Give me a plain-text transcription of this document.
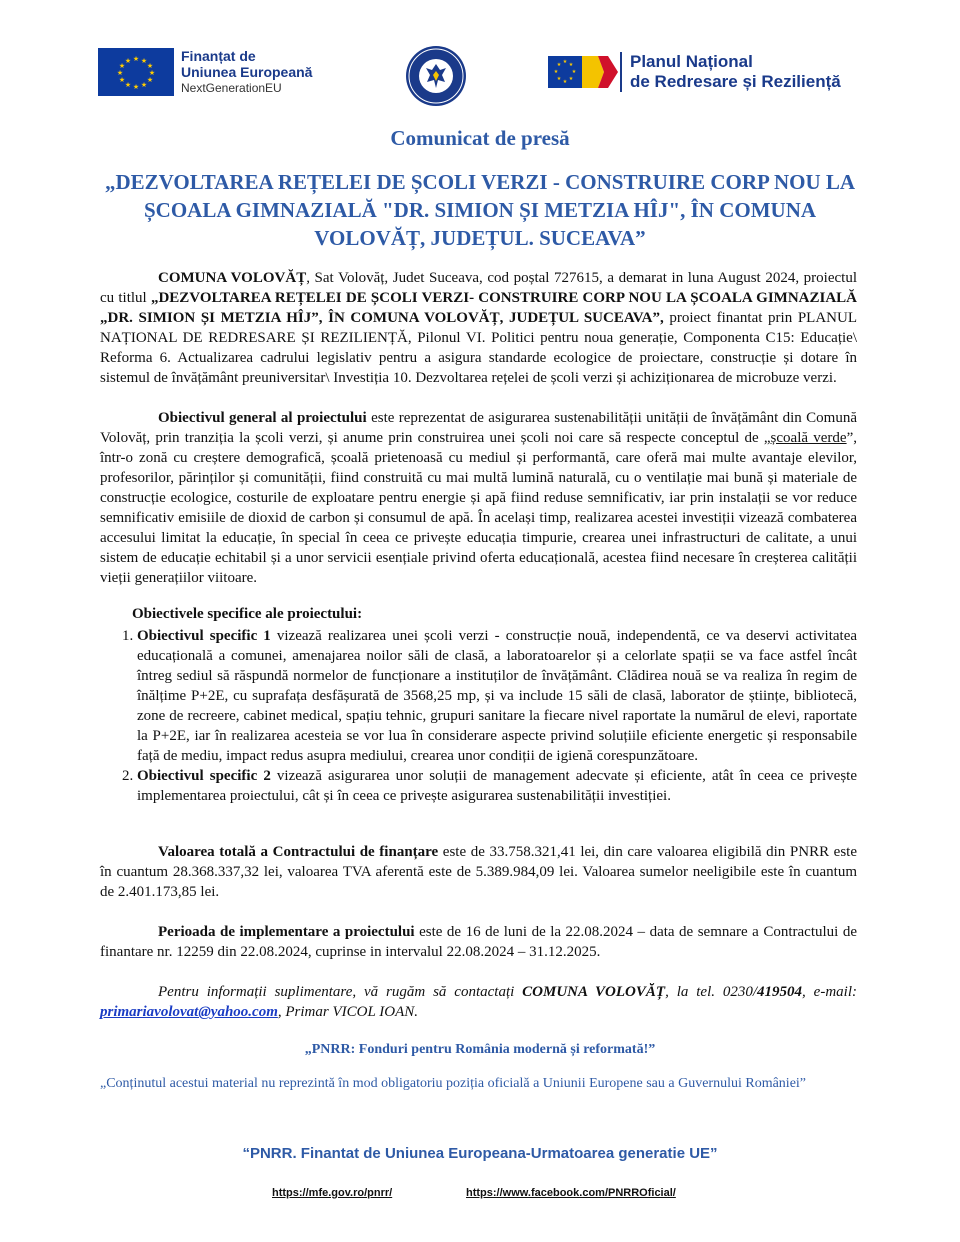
★ ★
★
★
★
★
★
★
★
★
★
★	Finanțat de
Uniunea Europeană
NextGenerationEU
★ ★
★
★
★
★
★
★	Planul Național
de Redresare și Reziliență
Comunicat de presă
„DEZVOLTAREA REȚELEI DE ȘCOLI VERZI - CONSTRUIRE CORP NOU LA ȘCOALA GIMNAZIALĂ "DR. SIMION ȘI METZIA HÎJ", ÎN COMUNA VOLOVĂȚ, JUDEȚUL. SUCEAVA”
COMUNA VOLOVĂȚ, Sat Volovăț, Judet Suceava, cod poștal 727615, a demarat in luna August 2024, proiectul cu titlul „DEZVOLTAREA REȚELEI DE ȘCOLI VERZI- CONSTRUIRE CORP NOU LA ȘCOALA GIMNAZIALĂ „DR. SIMION ȘI METZIA HÎJ”, ÎN COMUNA VOLOVĂȚ, JUDEȚUL SUCEAVA”, proiect finantat prin PLANUL NAȚIONAL DE REDRESARE ȘI REZILIENȚĂ, Pilonul VI. Politici pentru noua generație, Componenta C15: Educație\ Reforma 6. Actualizarea cadrului legislativ pentru a asigura standarde ecologice de proiectare, construcție și dotare în sistemul de învățământ preuniversitar\ Investiția 10. Dezvoltarea rețelei de școli verzi și achiziționarea de microbuze verzi.
Obiectivul general al proiectului este reprezentat de asigurarea sustenabilității unității de învățământ din Comună Volovăț, prin tranziția la școli verzi, și anume prin construirea unei școli noi care să respecte conceptul de „școală verde”, într-o zonă cu creștere demografică, școală prietenoasă cu mediul și performantă, care oferă mai multe avantaje elevilor, profesorilor, părinților și comunității, fiind construită cu mai multă lumină naturală, cu o ventilație mai bună și materiale de construcție ecologice, costurile de exploatare pentru energie și apă fiind reduse semnificativ, iar prin instalații se vor reduce semnificativ emisiile de dioxid de carbon și consumul de apă. În același timp, realizarea acestei investiții vizează combaterea accesului limitat la educație, în special în ceea ce privește educația timpurie, crearea unei infrastructuri de calitate, a unui sistem de educație echitabil și a unor servicii esențiale privind oferta educațională, acestea fiind necesare în creșterea calității vieții generațiilor viitoare.
Obiectivele specifice ale proiectului:
1. Obiectivul specific 1 vizează realizarea unei școli verzi - construcție nouă, independentă, ce va deservi activitatea educațională a comunei, amenajarea noilor săli de clasă, a laboratoarelor și a celorlate spații se va face astfel încât întreg sediul să răspundă normelor de funcționare a instituților de învățământ. Clădirea nouă se va realiza în regim de înălțime P+2E, cu suprafața desfășurată de 3568,25 mp, și va include 15 săli de clasă, laborator de științe, bibliotecă, zone de recreere, cabinet medical, spațiu tehnic, grupuri sanitare la fiecare nivel raportate la numărul de elevi, raportate la P+2E, iar în realizarea acesteia se vor lua în considerare aspecte privind soluțiile eficiente energetic și responsabile față de mediu, impact redus asupra mediului, crearea unor condiții de igienă corespunzătoare.
2. Obiectivul specific 2 vizează asigurarea unor soluții de management adecvate și eficiente, atât în ceea ce privește implementarea proiectului, cât și în ceea ce privește asigurarea sustenabilității investiției.
Valoarea totală a Contractului de finanțare este de 33.758.321,41 lei, din care valoarea eligibilă din PNRR este în cuantum 28.368.337,32 lei, valoarea TVA aferentă este de 5.389.984,09 lei. Valoarea sumelor neeligibile este în cuantum de 2.401.173,85 lei.
Perioada de implementare a proiectului este de 16 de luni de la 22.08.2024 – data de semnare a Contractului de finantare nr. 12259 din 22.08.2024, cuprinse in intervalul 22.08.2024 – 31.12.2025.
Pentru informații suplimentare, vă rugăm să contactați COMUNA VOLOVĂȚ, la tel. 0230/419504, e-mail: primariavolovat@yahoo.com, Primar VICOL IOAN.
„PNRR: Fonduri pentru România modernă și reformată!”
„Conținutul acestui material nu reprezintă în mod obligatoriu poziția oficială a Uniunii Europene sau a Guvernului României”
“PNRR. Finantat de Uniunea Europeana-Urmatoarea generatie UE”
https://mfe.gov.ro/pnrr/	https://www.facebook.com/PNRROficial/
